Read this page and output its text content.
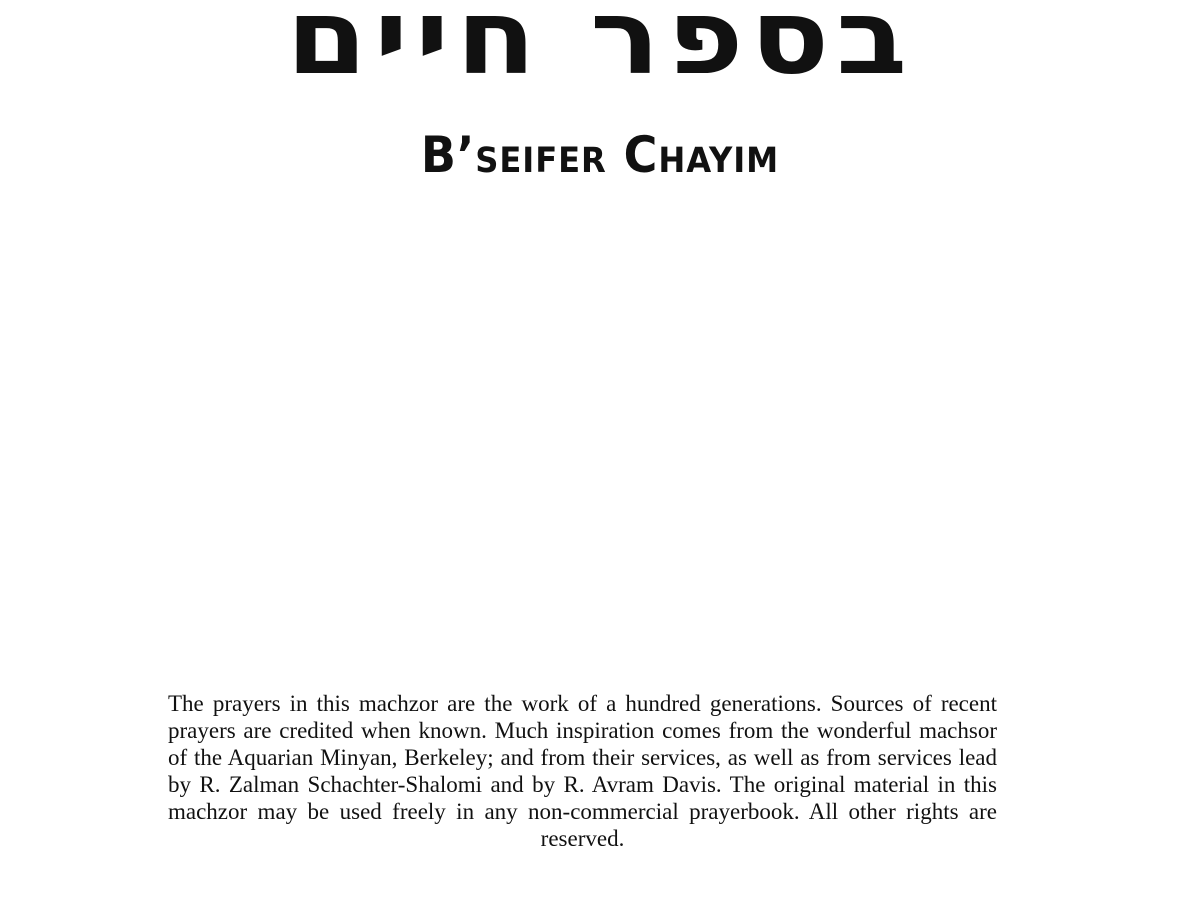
בספר חיים
B’seifer Chayim

The prayers in this machzor are the work of a hundred generations. Sources of recent prayers are credited when known. Much inspiration comes from the wonderful machsor of the Aquarian Minyan, Berkeley; and from their services, as well as from services lead by R. Zalman Schachter-Shalomi and by R. Avram Davis. The original material in this machzor may be used freely in any non-commercial prayerbook. All other rights are reserved.
